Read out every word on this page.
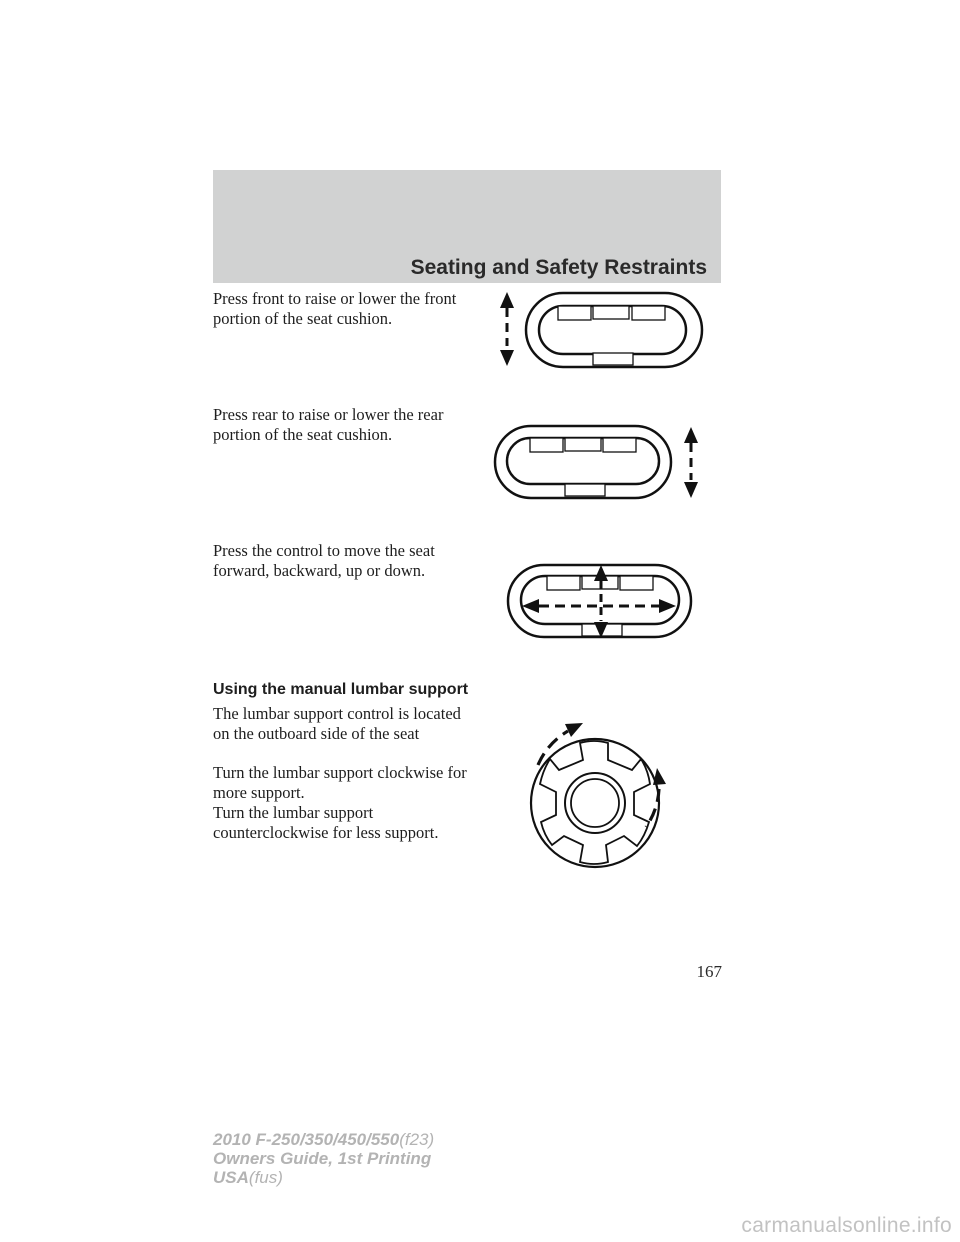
Seating and Safety Restraints

Press front to raise or lower the front portion of the seat cushion.

Press rear to raise or lower the rear portion of the seat cushion.

Press the control to move the seat forward, backward, up or down.

Using the manual lumbar support

The lumbar support control is located on the outboard side of the seat

Turn the lumbar support clockwise for more support.

Turn the lumbar support counterclockwise for less support.

167
2010 F-250/350/450/550(f23)
Owners Guide, 1st Printing
USA(fus)
carmanualsonline.info
